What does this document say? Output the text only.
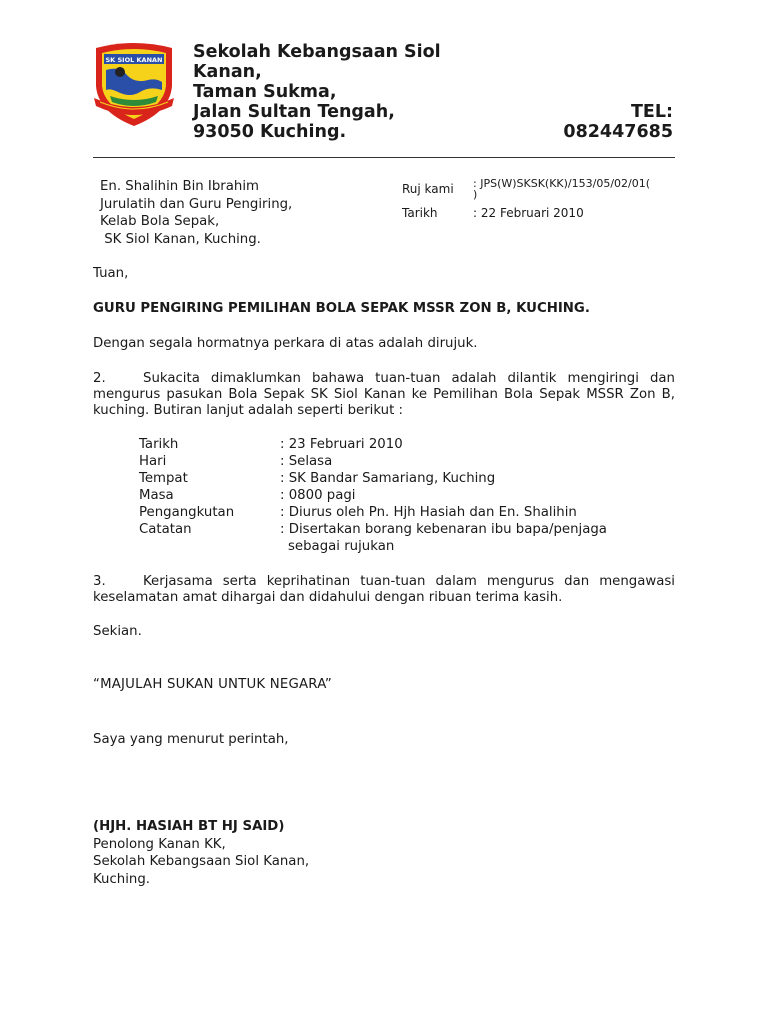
SK SIOL KANAN Sekolah Kebangsaan Siol
Kanan,
Taman Sukma,
Jalan Sultan Tengah,
93050 Kuching.
TEL:
082447685
En. Shalihin Bin Ibrahim
Jurulatih dan Guru Pengiring,
Kelab Bola Sepak,
SK Siol Kanan, Kuching.
Ruj kami	: JPS(W)SKSK(KK)/153/05/02/01(
)
Tarikh	: 22 Februari 2010
Tuan,
GURU PENGIRING PEMILIHAN BOLA SEPAK MSSR ZON B, KUCHING.
Dengan segala hormatnya perkara di atas adalah dirujuk.
2.	Sukacita dimaklumkan bahawa tuan-tuan adalah dilantik mengiringi dan mengurus pasukan Bola Sepak SK Siol Kanan ke Pemilihan Bola Sepak MSSR Zon B, kuching. Butiran lanjut adalah seperti berikut :
Tarikh	: 23 Februari 2010
Hari	: Selasa
Tempat	: SK Bandar Samariang, Kuching
Masa	: 0800 pagi
Pengangkutan	: Diurus oleh Pn. Hjh Hasiah dan En. Shalihin
Catatan	: Disertakan borang kebenaran ibu bapa/penjaga
sebagai rujukan
3.	Kerjasama serta keprihatinan tuan-tuan dalam mengurus dan mengawasi keselamatan amat dihargai dan didahului dengan ribuan terima kasih.
Sekian.
“MAJULAH SUKAN UNTUK NEGARA”
Saya yang menurut perintah,
(HJH. HASIAH BT HJ SAID)
Penolong Kanan KK,
Sekolah Kebangsaan Siol Kanan,
Kuching.
